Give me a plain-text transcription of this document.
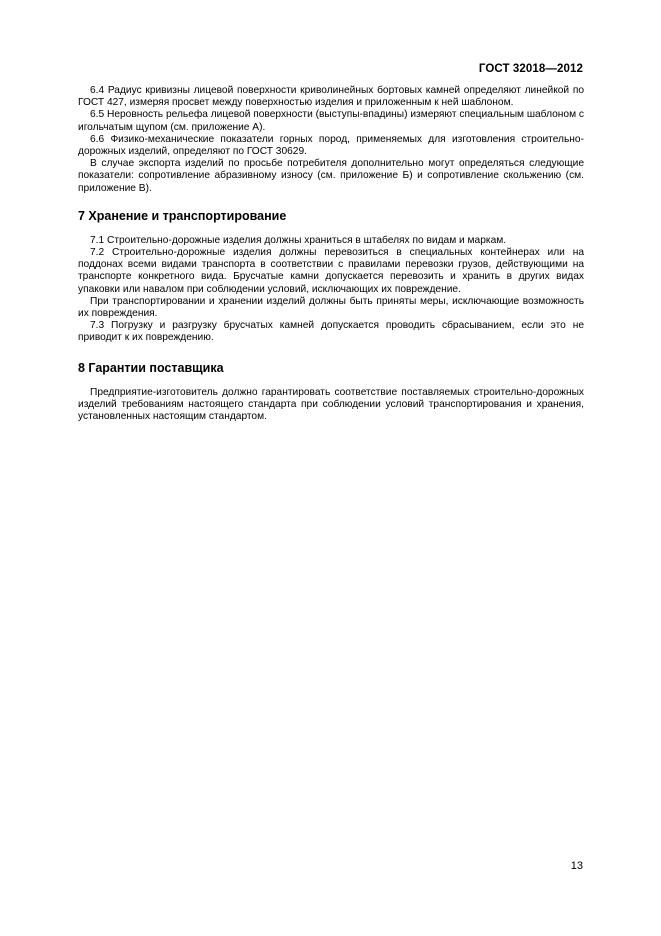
ГОСТ 32018—2012

6.4 Радиус кривизны лицевой поверхности криволинейных бортовых камней определяют линейкой по ГОСТ 427, измеряя просвет между поверхностью изделия и приложенным к ней шаблоном.

6.5 Неровность рельефа лицевой поверхности (выступы-впадины) измеряют специальным шаблоном с игольчатым щупом (см. приложение А).

6.6 Физико-механические показатели горных пород, применяемых для изготовления строительно-дорожных изделий, определяют по ГОСТ 30629.

В случае экспорта изделий по просьбе потребителя дополнительно могут определяться следующие показатели: сопротивление абразивному износу (см. приложение Б) и сопротивление скольжению (см. приложение В).

7 Хранение и транспортирование

7.1 Строительно-дорожные изделия должны храниться в штабелях по видам и маркам.

7.2 Строительно-дорожные изделия должны перевозиться в специальных контейнерах или на поддонах всеми видами транспорта в соответствии с правилами перевозки грузов, действующими на транспорте конкретного вида. Брусчатые камни допускается перевозить и хранить в других видах упаковки или навалом при соблюдении условий, исключающих их повреждение.

При транспортировании и хранении изделий должны быть приняты меры, исключающие возможность их повреждения.

7.3 Погрузку и разгрузку брусчатых камней допускается проводить сбрасыванием, если это не приводит к их повреждению.

8 Гарантии поставщика

Предприятие-изготовитель должно гарантировать соответствие поставляемых строительно-дорожных изделий требованиям настоящего стандарта при соблюдении условий транспортирования и хранения, установленных настоящим стандартом.

13
